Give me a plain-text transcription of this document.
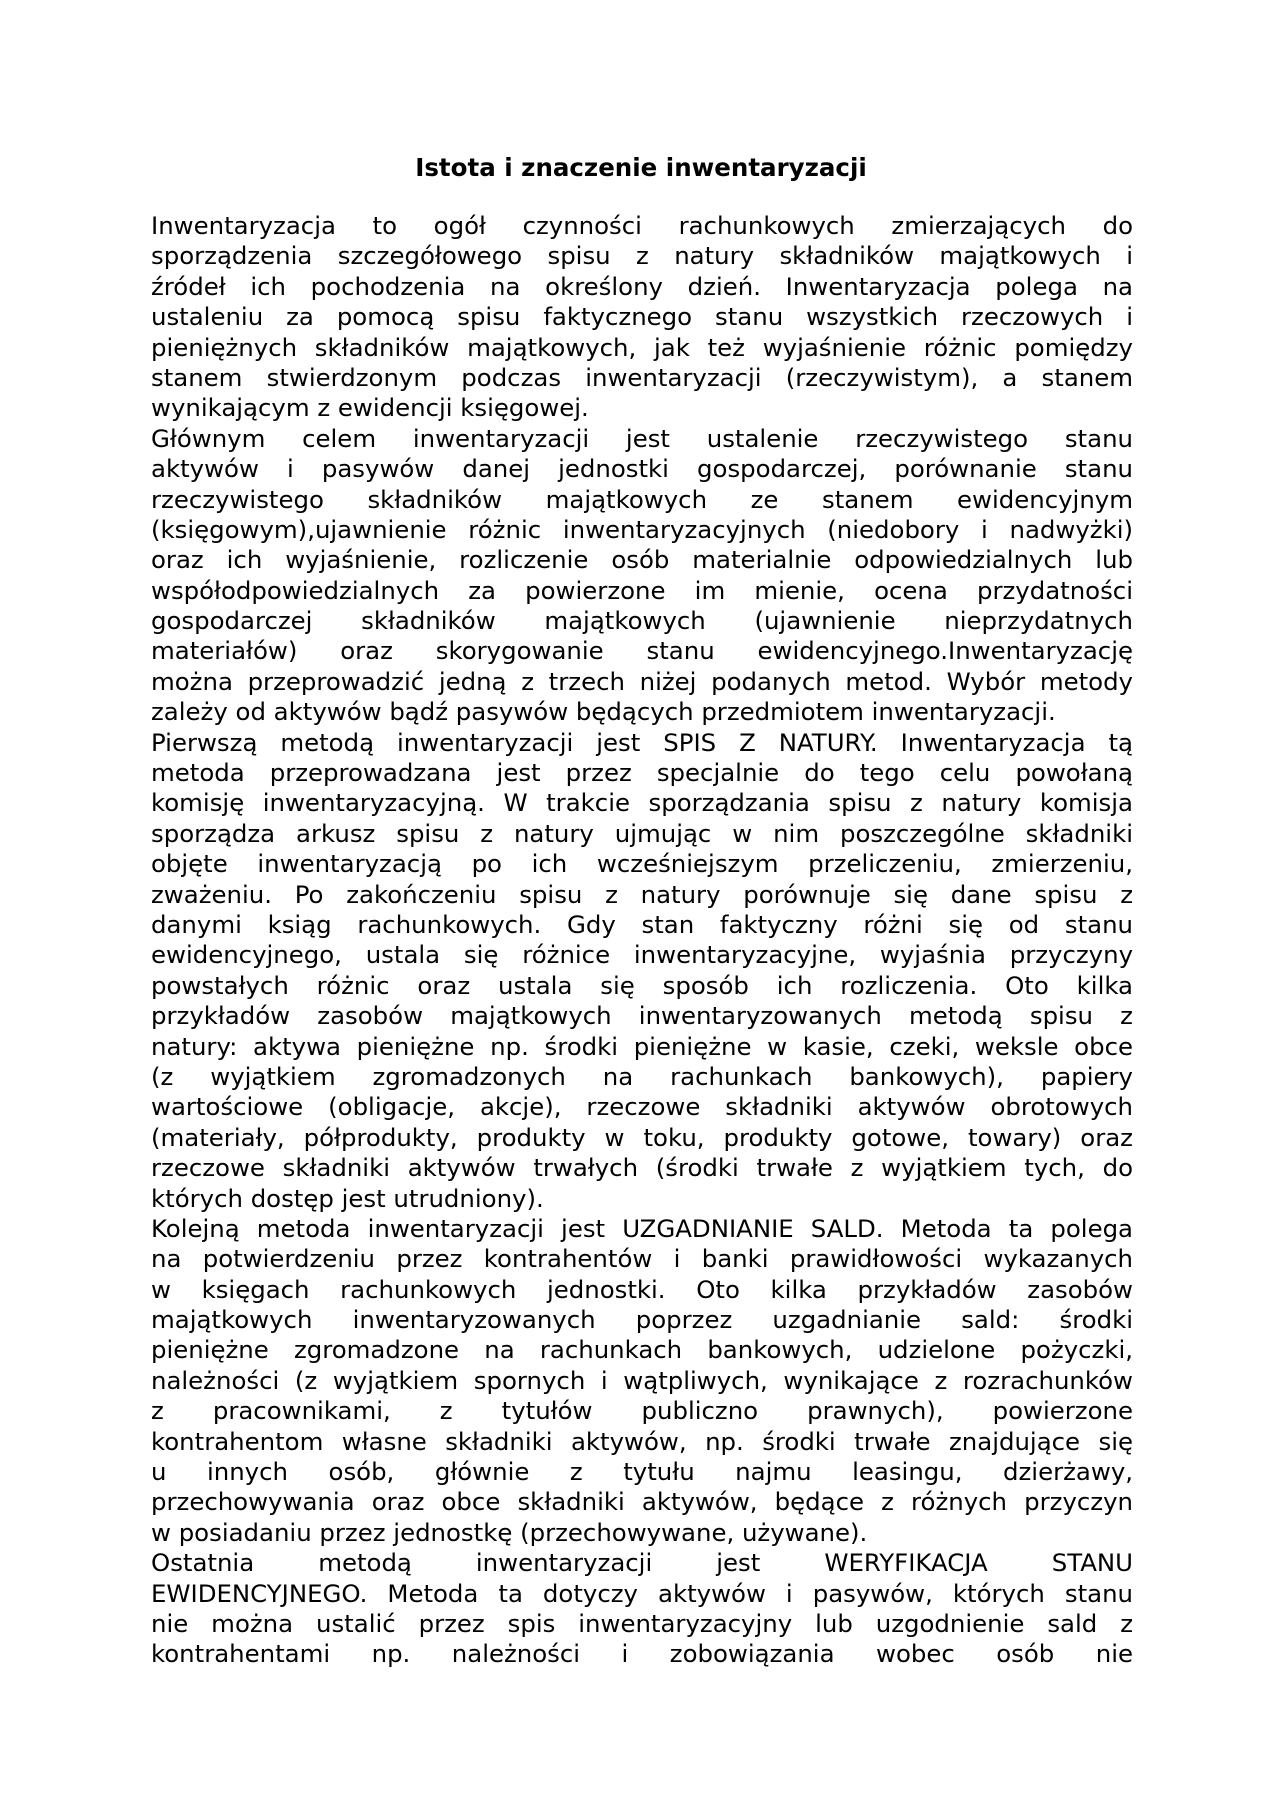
Istota i znaczenie inwentaryzacji
Inwentaryzacja to ogół czynności rachunkowych zmierzających do
sporządzenia szczegółowego spisu z natury składników majątkowych i
źródeł ich pochodzenia na określony dzień. Inwentaryzacja polega na
ustaleniu za pomocą spisu faktycznego stanu wszystkich rzeczowych i
pieniężnych składników majątkowych, jak też wyjaśnienie różnic pomiędzy
stanem stwierdzonym podczas inwentaryzacji (rzeczywistym), a stanem
wynikającym z ewidencji księgowej.
Głównym celem inwentaryzacji jest ustalenie rzeczywistego stanu
aktywów i pasywów danej jednostki gospodarczej, porównanie stanu
rzeczywistego składników majątkowych ze stanem ewidencyjnym
(księgowym),ujawnienie różnic inwentaryzacyjnych (niedobory i nadwyżki)
oraz ich wyjaśnienie, rozliczenie osób materialnie odpowiedzialnych lub
współodpowiedzialnych za powierzone im mienie, ocena przydatności
gospodarczej składników majątkowych (ujawnienie nieprzydatnych
materiałów) oraz skorygowanie stanu ewidencyjnego.Inwentaryzację
można przeprowadzić jedną z trzech niżej podanych metod. Wybór metody
zależy od aktywów bądź pasywów będących przedmiotem inwentaryzacji.
Pierwszą metodą inwentaryzacji jest SPIS Z NATURY. Inwentaryzacja tą
metoda przeprowadzana jest przez specjalnie do tego celu powołaną
komisję inwentaryzacyjną. W trakcie sporządzania spisu z natury komisja
sporządza arkusz spisu z natury ujmując w nim poszczególne składniki
objęte inwentaryzacją po ich wcześniejszym przeliczeniu, zmierzeniu,
zważeniu. Po zakończeniu spisu z natury porównuje się dane spisu z
danymi ksiąg rachunkowych. Gdy stan faktyczny różni się od stanu
ewidencyjnego, ustala się różnice inwentaryzacyjne, wyjaśnia przyczyny
powstałych różnic oraz ustala się sposób ich rozliczenia. Oto kilka
przykładów zasobów majątkowych inwentaryzowanych metodą spisu z
natury: aktywa pieniężne np. środki pieniężne w kasie, czeki, weksle obce
(z wyjątkiem zgromadzonych na rachunkach bankowych), papiery
wartościowe (obligacje, akcje), rzeczowe składniki aktywów obrotowych
(materiały, półprodukty, produkty w toku, produkty gotowe, towary) oraz
rzeczowe składniki aktywów trwałych (środki trwałe z wyjątkiem tych, do
których dostęp jest utrudniony).
Kolejną metoda inwentaryzacji jest UZGADNIANIE SALD. Metoda ta polega
na potwierdzeniu przez kontrahentów i banki prawidłowości wykazanych
w księgach rachunkowych jednostki. Oto kilka przykładów zasobów
majątkowych inwentaryzowanych poprzez uzgadnianie sald: środki
pieniężne zgromadzone na rachunkach bankowych, udzielone pożyczki,
należności (z wyjątkiem spornych i wątpliwych, wynikające z rozrachunków
z pracownikami, z tytułów publiczno prawnych), powierzone
kontrahentom własne składniki aktywów, np. środki trwałe znajdujące się
u innych osób, głównie z tytułu najmu leasingu, dzierżawy,
przechowywania oraz obce składniki aktywów, będące z różnych przyczyn
w posiadaniu przez jednostkę (przechowywane, używane).
Ostatnia metodą inwentaryzacji jest WERYFIKACJA STANU
EWIDENCYJNEGO. Metoda ta dotyczy aktywów i pasywów, których stanu
nie można ustalić przez spis inwentaryzacyjny lub uzgodnienie sald z
kontrahentami np. należności i zobowiązania wobec osób nie
